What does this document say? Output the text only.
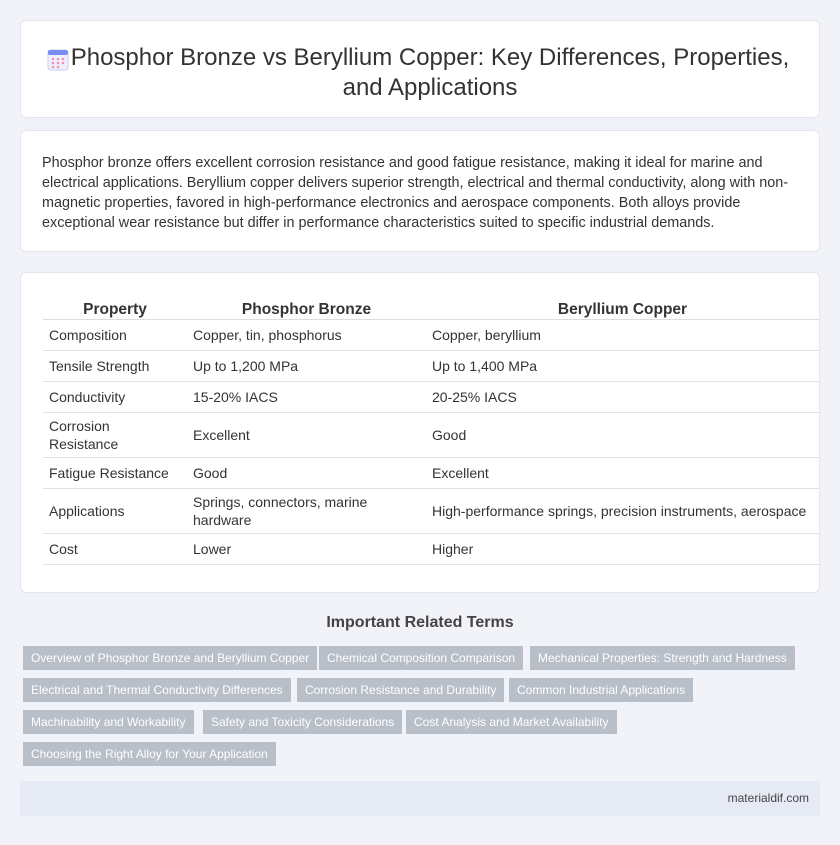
Phosphor Bronze vs Beryllium Copper: Key Differences, Properties, and Applications

Phosphor bronze offers excellent corrosion resistance and good fatigue resistance, making it ideal for marine and electrical applications. Beryllium copper delivers superior strength, electrical and thermal conductivity, along with non-magnetic properties, favored in high-performance electronics and aerospace components. Both alloys provide exceptional wear resistance but differ in performance characteristics suited to specific industrial demands.

Property	Phosphor Bronze	Beryllium Copper
Composition	Copper, tin, phosphorus	Copper, beryllium
Tensile Strength	Up to 1,200 MPa	Up to 1,400 MPa
Conductivity	15-20% IACS	20-25% IACS
Corrosion Resistance	Excellent	Good
Fatigue Resistance	Good	Excellent
Applications	Springs, connectors, marine hardware	High-performance springs, precision instruments, aerospace
Cost	Lower	Higher
Important Related Terms
Overview of Phosphor Bronze and Beryllium Copper	Chemical Composition Comparison	Mechanical Properties: Strength and Hardness
Electrical and Thermal Conductivity Differences	Corrosion Resistance and Durability	Common Industrial Applications
Machinability and Workability	Safety and Toxicity Considerations	Cost Analysis and Market Availability
Choosing the Right Alloy for Your Application
materialdif.com
